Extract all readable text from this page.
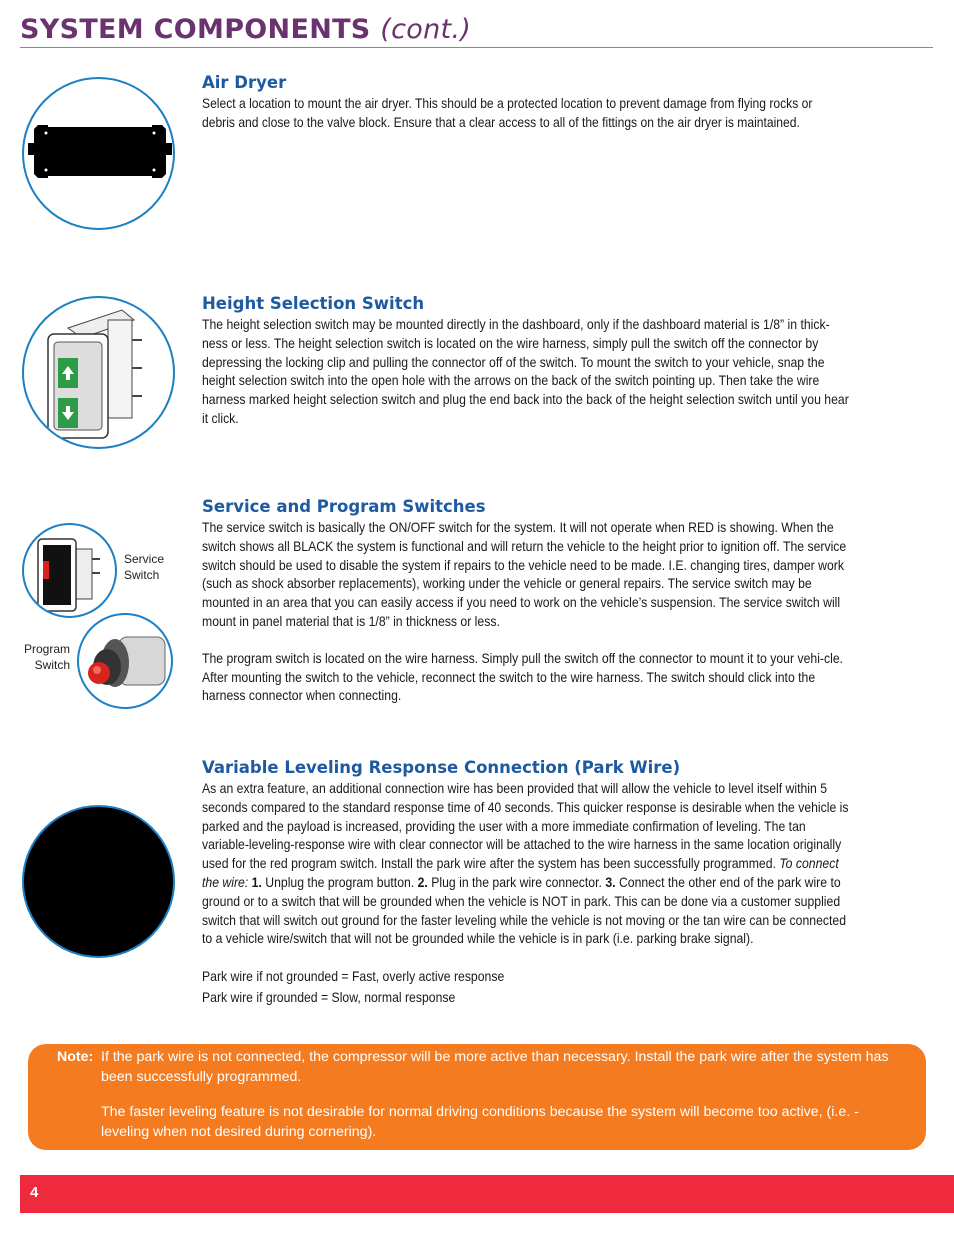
SYSTEM COMPONENTS (cont.)
Air Dryer

Select a location to mount the air dryer. This should be a protected location to prevent damage from flying rocks or debris and close to the valve block. Ensure that a clear access to all of the fittings on the air dryer is maintained.

Height Selection Switch

The height selection switch may be mounted directly in the dashboard, only if the dashboard material is 1/8” in thick-ness or less. The height selection switch is located on the wire harness, simply pull the switch off the connector by depressing the locking clip and pulling the connector off of the switch. To mount the switch to your vehicle, snap the height selection switch into the open hole with the arrows on the back of the switch pointing up. Then take the wire harness marked height selection switch and plug the end back into the back of the height selection switch until you hear it click.

Service Switch
Program Switch
Service and Program Switches

The service switch is basically the ON/OFF switch for the system. It will not operate when RED is showing. When the switch shows all BLACK the system is functional and will return the vehicle to the height prior to ignition off. The service switch should be used to disable the system if repairs to the vehicle need to be made. I.E. changing tires, damper work (such as shock absorber replacements), working under the vehicle or general repairs. The service switch may be mounted in an area that you can easily access if you need to work on the vehicle’s suspension. The service switch will mount in panel material that is 1/8” in thickness or less.

The program switch is located on the wire harness. Simply pull the switch off the connector to mount it to your vehi-cle. After mounting the switch to the vehicle, reconnect the switch to the wire harness. The switch should click into the harness connector when connecting.

Variable Leveling Response Connection (Park Wire)

As an extra feature, an additional connection wire has been provided that will allow the vehicle to level itself within 5 seconds compared to the standard response time of 40 seconds. This quicker response is desirable when the vehicle is parked and the payload is increased, providing the user with a more immediate confirmation of leveling. The tan variable-leveling-response wire with clear connector will be attached to the wire harness in the same location originally used for the red program switch. Install the park wire after the system has been successfully programmed. To connect the wire: 1. Unplug the program button. 2. Plug in the park wire connector. 3. Connect the other end of the park wire to ground or to a switch that will be grounded when the vehicle is NOT in park. This can be done via a customer supplied switch that will switch out ground for the faster leveling while the vehicle is not moving or the tan wire can be connected to a vehicle wire/switch that will not be grounded while the vehicle is in park (i.e. parking brake signal).

Park wire if not grounded = Fast, overly active response

Park wire if grounded = Slow, normal response

Note: If the park wire is not connected, the compressor will be more active than necessary. Install the park wire after the system has been successfully programmed.

The faster leveling feature is not desirable for normal driving conditions because the system will become too active, (i.e. - leveling when not desired during cornering).

4
